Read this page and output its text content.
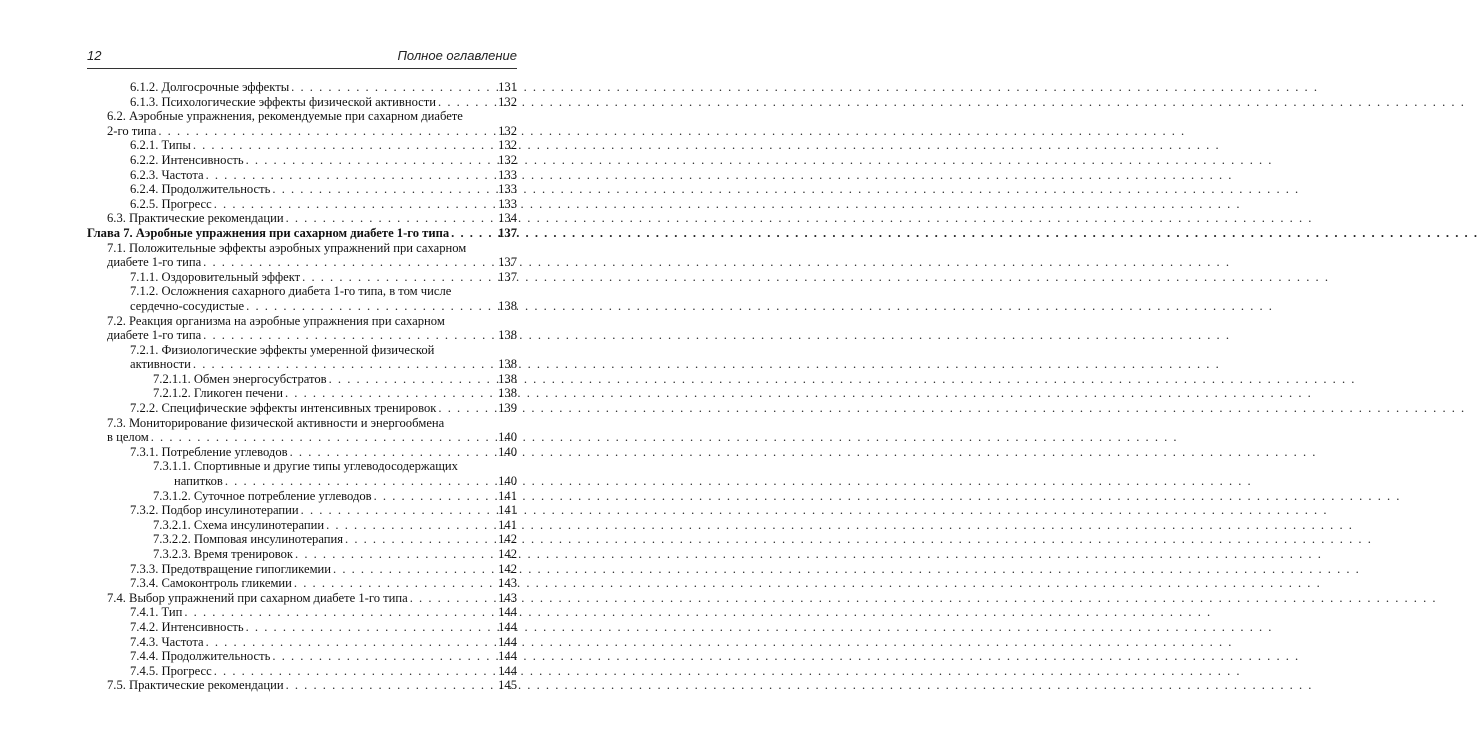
12	Полное оглавление
6.1.2. Долгосрочные эффекты . . .	131
6.1.3. Психологические эффекты физической активности . . .	132
6.2. Аэробные упражнения, рекомендуемые при сахарном диабете
2-го типа . . .	132
6.2.1. Типы . . .	132
6.2.2. Интенсивность . . .	132
6.2.3. Частота . . .	133
6.2.4. Продолжительность . . .	133
6.2.5. Прогресс . . .	133
6.3. Практические рекомендации . . .	134
Глава 7. Аэробные упражнения при сахарном диабете 1-го типа . . .	137
7.1. Положительные эффекты аэробных упражнений при сахарном
диабете 1-го типа . . .	137
7.1.1. Оздоровительный эффект . . .	137
7.1.2. Осложнения сахарного диабета 1-го типа, в том числе
сердечно-сосудистые . . .	138
7.2. Реакция организма на аэробные упражнения при сахарном
диабете 1-го типа . . .	138
7.2.1. Физиологические эффекты умеренной физической
активности . . .	138
7.2.1.1. Обмен энергосубстратов . . .	138
7.2.1.2. Гликоген печени . . .	138
7.2.2. Специфические эффекты интенсивных тренировок . . .	139
7.3. Мониторирование физической активности и энергообмена
в целом . . .	140
7.3.1. Потребление углеводов . . .	140
7.3.1.1. Спортивные и другие типы углеводосодержащих
напитков . . .	140
7.3.1.2. Суточное потребление углеводов . . .	141
7.3.2. Подбор инсулинотерапии . . .	141
7.3.2.1. Схема инсулинотерапии . . .	141
7.3.2.2. Помповая инсулинотерапия . . .	142
7.3.2.3. Время тренировок . . .	142
7.3.3. Предотвращение гипогликемии . . .	142
7.3.4. Самоконтроль гликемии . . .	143
7.4. Выбор упражнений при сахарном диабете 1-го типа . . .	143
7.4.1. Тип . . .	144
7.4.2. Интенсивность . . .	144
7.4.3. Частота . . .	144
7.4.4. Продолжительность . . .	144
7.4.5. Прогресс . . .	144
7.5. Практические рекомендации . . .	145
